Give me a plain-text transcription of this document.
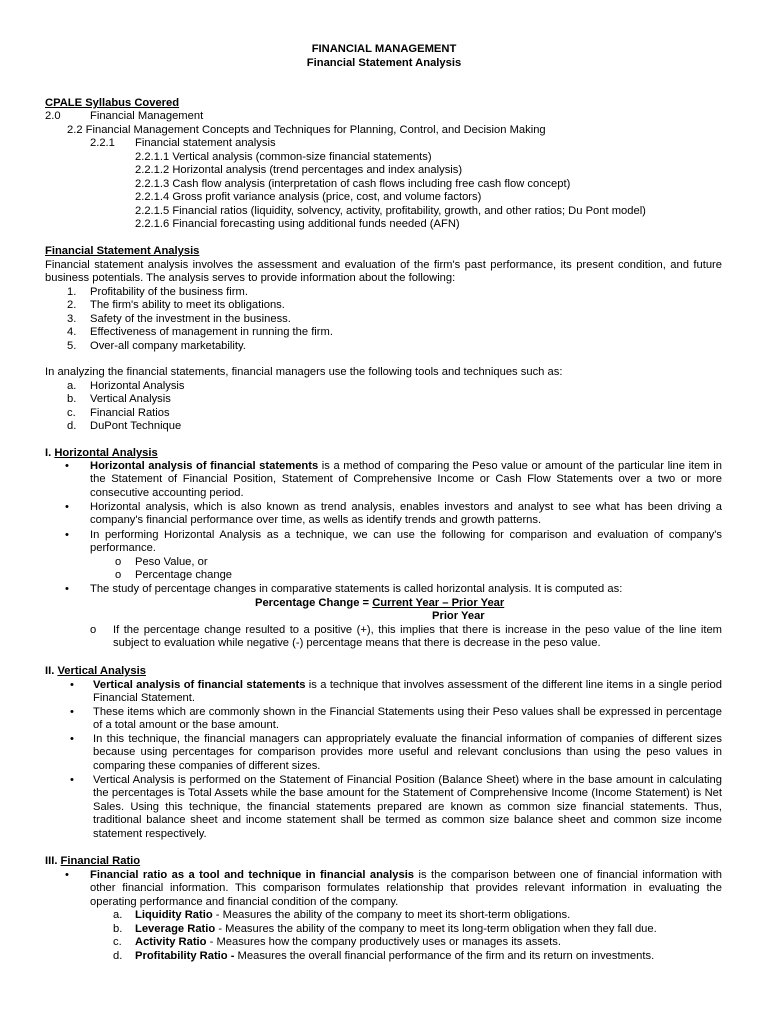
FINANCIAL MANAGEMENT
Financial Statement Analysis
CPALE Syllabus Covered
2.0	Financial Management
2.2 Financial Management Concepts and Techniques for Planning, Control, and Decision Making
2.2.1 Financial statement analysis
2.2.1.1 Vertical analysis (common-size financial statements)
2.2.1.2 Horizontal analysis (trend percentages and index analysis)
2.2.1.3 Cash flow analysis (interpretation of cash flows including free cash flow concept)
2.2.1.4 Gross profit variance analysis (price, cost, and volume factors)
2.2.1.5 Financial ratios (liquidity, solvency, activity, profitability, growth, and other ratios; Du Pont model)
2.2.1.6 Financial forecasting using additional funds needed (AFN)
Financial Statement Analysis
Financial statement analysis involves the assessment and evaluation of the firm's past performance, its present condition, and future business potentials. The analysis serves to provide information about the following:
1. Profitability of the business firm.
2. The firm's ability to meet its obligations.
3. Safety of the investment in the business.
4. Effectiveness of management in running the firm.
5. Over-all company marketability.
In analyzing the financial statements, financial managers use the following tools and techniques such as:
a. Horizontal Analysis
b. Vertical Analysis
c. Financial Ratios
d. DuPont Technique
I. Horizontal Analysis
• Horizontal analysis of financial statements is a method of comparing the Peso value or amount of the particular line item in the Statement of Financial Position, Statement of Comprehensive Income or Cash Flow Statements over a two or more consecutive accounting period.
• Horizontal analysis, which is also known as trend analysis, enables investors and analyst to see what has been driving a company's financial performance over time, as wells as identify trends and growth patterns.
• In performing Horizontal Analysis as a technique, we can use the following for comparison and evaluation of company's performance.
o Peso Value, or
o Percentage change
• The study of percentage changes in comparative statements is called horizontal analysis. It is computed as:
Percentage Change = Current Year – Prior Year
Prior Year
o If the percentage change resulted to a positive (+), this implies that there is increase in the peso value of the line item subject to evaluation while negative (-) percentage means that there is decrease in the peso value.
II. Vertical Analysis
• Vertical analysis of financial statements is a technique that involves assessment of the different line items in a single period Financial Statement.
• These items which are commonly shown in the Financial Statements using their Peso values shall be expressed in percentage of a total amount or the base amount.
• In this technique, the financial managers can appropriately evaluate the financial information of companies of different sizes because using percentages for comparison provides more useful and relevant conclusions than using the peso values in comparing these companies of different sizes.
• Vertical Analysis is performed on the Statement of Financial Position (Balance Sheet) where in the base amount in calculating the percentages is Total Assets while the base amount for the Statement of Comprehensive Income (Income Statement) is Net Sales. Using this technique, the financial statements prepared are known as common size financial statements. Thus, traditional balance sheet and income statement shall be termed as common size balance sheet and common size income statement respectively.
III. Financial Ratio
• Financial ratio as a tool and technique in financial analysis is the comparison between one of financial information with other financial information. This comparison formulates relationship that provides relevant information in evaluating the operating performance and financial condition of the company.
a. Liquidity Ratio - Measures the ability of the company to meet its short-term obligations.
b. Leverage Ratio - Measures the ability of the company to meet its long-term obligation when they fall due.
c. Activity Ratio - Measures how the company productively uses or manages its assets.
d. Profitability Ratio - Measures the overall financial performance of the firm and its return on investments.
